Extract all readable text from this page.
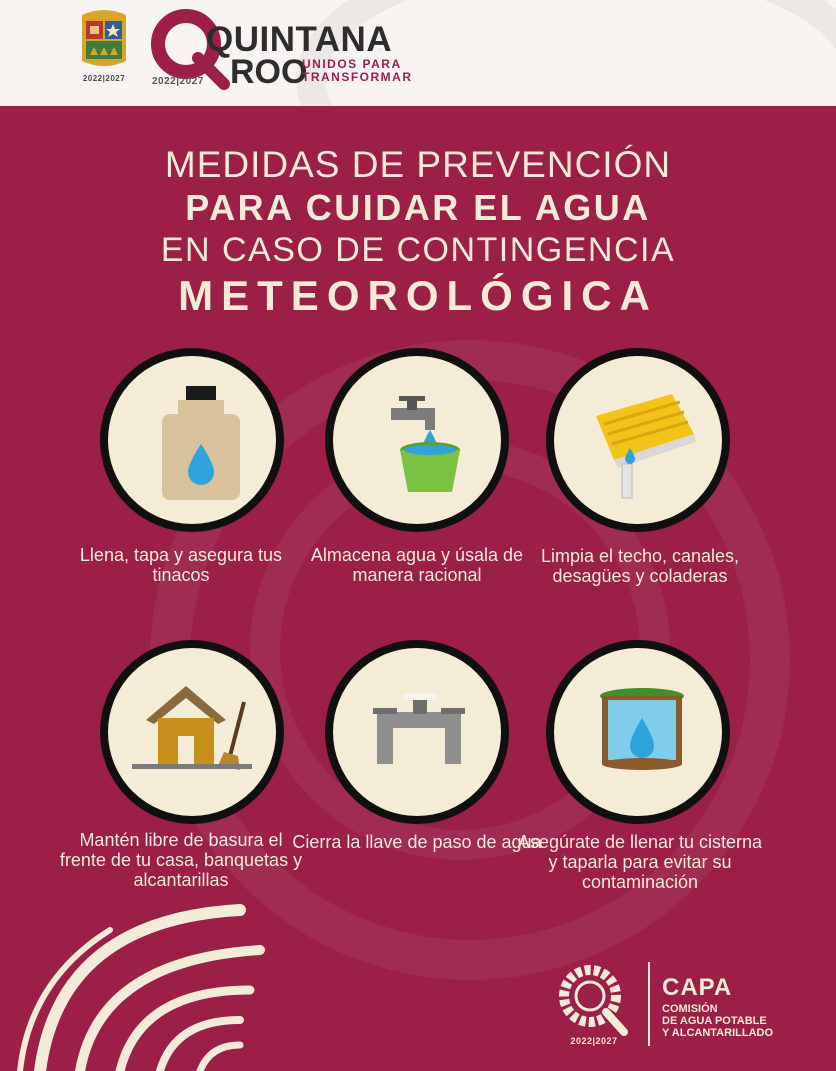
2022|2027
QUINTANA
ROO
UNIDOS PARA
TRANSFORMAR
2022|2027
MEDIDAS DE PREVENCIÓN
PARA CUIDAR EL AGUA
EN CASO DE CONTINGENCIA
METEOROLÓGICA
Llena, tapa y asegura tus tinacos
Almacena agua y úsala de manera racional
Limpia el techo, canales, desagües y coladeras
Mantén libre de basura el frente de tu casa, banquetas y alcantarillas
Cierra la llave de paso de agua
Asegúrate de llenar tu cisterna y taparla para evitar su contaminación
2022|2027
CAPA
COMISIÓN
DE AGUA POTABLE
Y ALCANTARILLADO
